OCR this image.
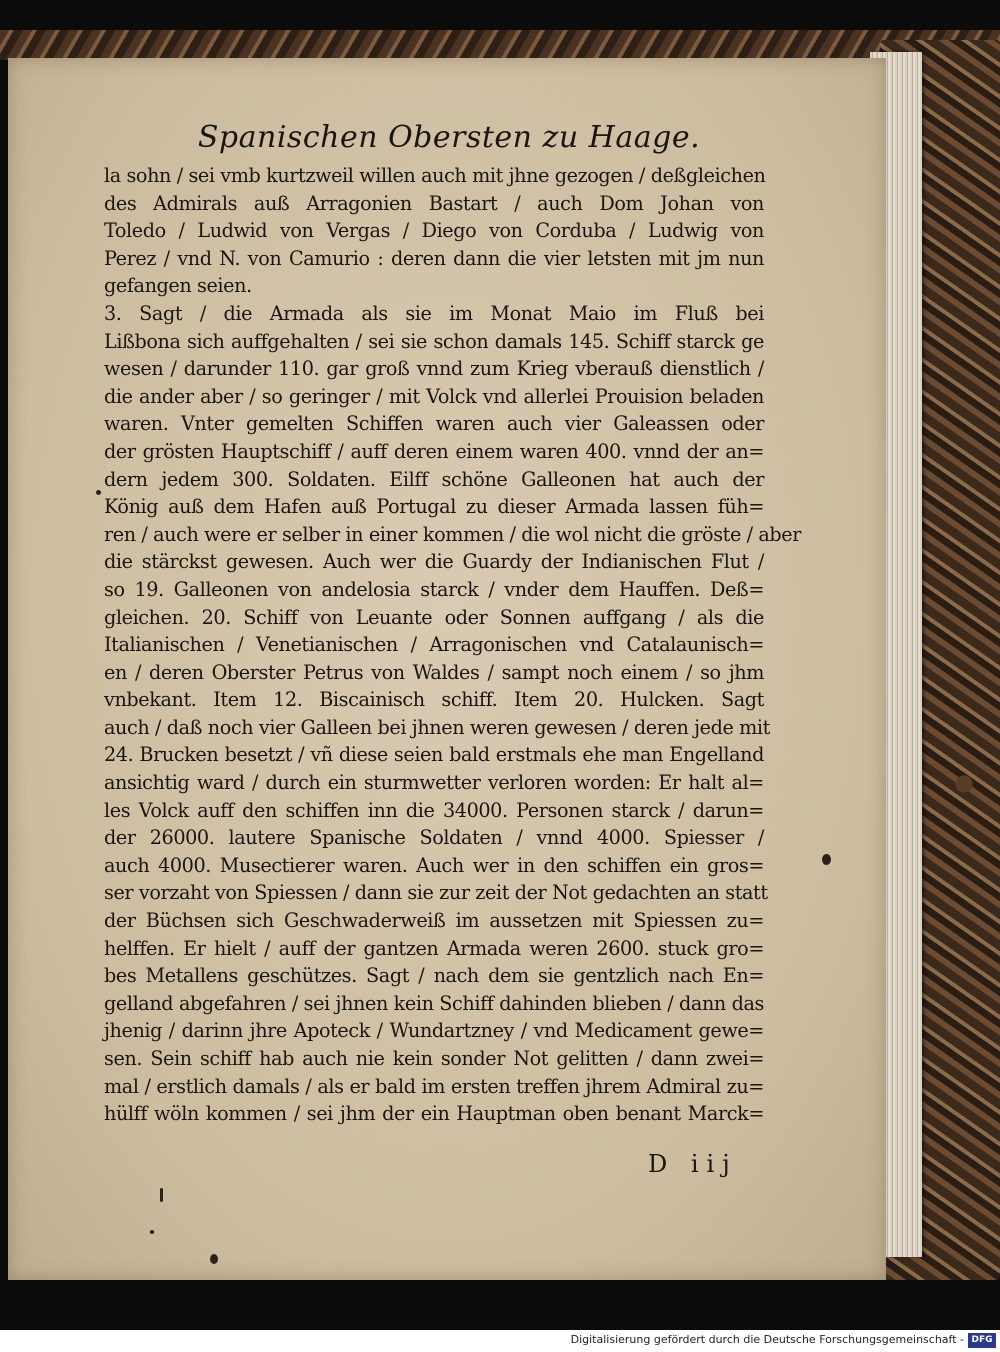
Spanischen Obersten zu Haage.
la sohn / sei vmb kurtzweil willen auch mit jhne gezogen / deßgleichen
des Admirals auß Arragonien Bastart / auch Dom Johan von
Toledo / Ludwid von Vergas / Diego von Corduba / Ludwig von
Perez / vnd N. von Camurio : deren dann die vier letsten mit jm nun
gefangen seien.
3. Sagt / die Armada als sie im Monat Maio im Fluß bei
Lißbona sich auffgehalten / sei sie schon damals 145. Schiff starck ge
wesen / darunder 110. gar groß vnnd zum Krieg vberauß dienstlich /
die ander aber / so geringer / mit Volck vnd allerlei Prouision beladen
waren. Vnter gemelten Schiffen waren auch vier Galeassen oder
der grösten Hauptschiff / auff deren einem waren 400. vnnd der an=
dern jedem 300. Soldaten. Eilff schöne Galleonen hat auch der
König auß dem Hafen auß Portugal zu dieser Armada lassen füh=
ren / auch were er selber in einer kommen / die wol nicht die gröste / aber
die stärckst gewesen. Auch wer die Guardy der Indianischen Flut /
so 19. Galleonen von andelosia starck / vnder dem Hauffen. Deß=
gleichen. 20. Schiff von Leuante oder Sonnen auffgang / als die
Italianischen / Venetianischen / Arragonischen vnd Catalaunisch=
en / deren Oberster Petrus von Waldes / sampt noch einem / so jhm
vnbekant. Item 12. Biscainisch schiff. Item 20. Hulcken. Sagt
auch / daß noch vier Galleen bei jhnen weren gewesen / deren jede mit
24. Brucken besetzt / vñ diese seien bald erstmals ehe man Engelland
ansichtig ward / durch ein sturmwetter verloren worden: Er halt al=
les Volck auff den schiffen inn die 34000. Personen starck / darun=
der 26000. lautere Spanische Soldaten / vnnd 4000. Spiesser /
auch 4000. Musectierer waren. Auch wer in den schiffen ein gros=
ser vorzaht von Spiessen / dann sie zur zeit der Not gedachten an statt
der Büchsen sich Geschwaderweiß im aussetzen mit Spiessen zu=
helffen. Er hielt / auff der gantzen Armada weren 2600. stuck gro=
bes Metallens geschützes. Sagt / nach dem sie gentzlich nach En=
gelland abgefahren / sei jhnen kein Schiff dahinden blieben / dann das
jhenig / darinn jhre Apoteck / Wundartzney / vnd Medicament gewe=
sen. Sein schiff hab auch nie kein sonder Not gelitten / dann zwei=
mal / erstlich damals / als er bald im ersten treffen jhrem Admiral zu=
hülff wöln kommen / sei jhm der ein Hauptman oben benant Marck=
D iij
Digitalisierung gefördert durch die Deutsche Forschungsgemeinschaft - DFG
